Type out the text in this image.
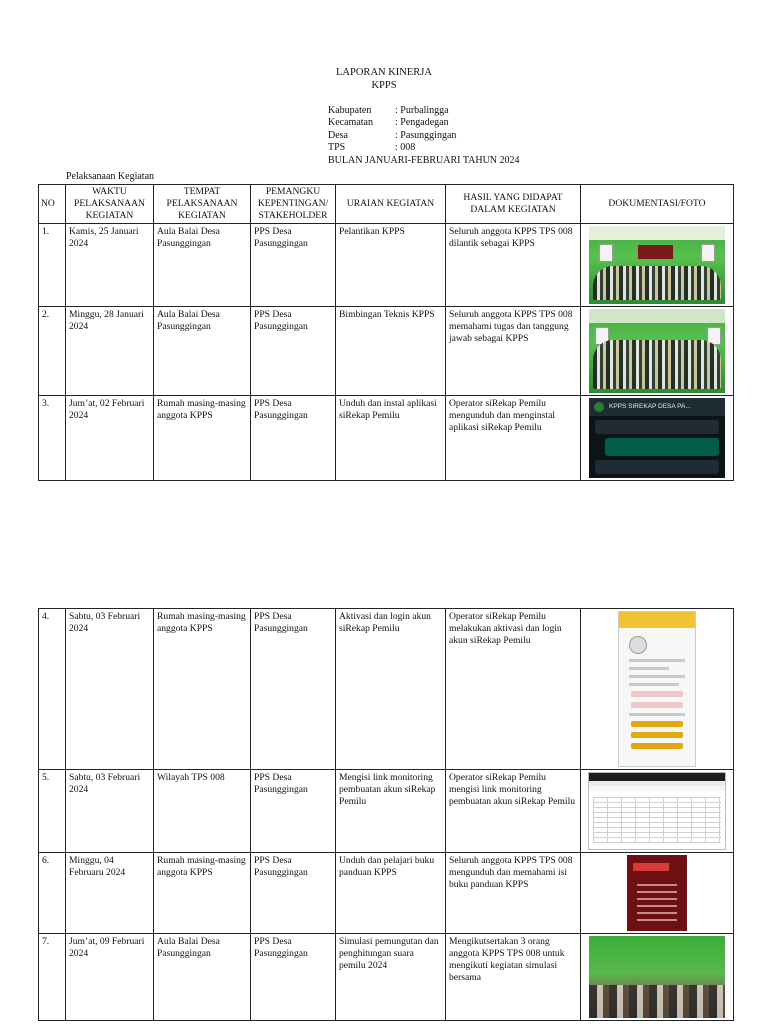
LAPORAN KINERJA
KPPS
Kabupaten	: Purbalingga
Kecamatan	: Pengadegan
Desa	: Pasunggingan
TPS	: 008
BULAN JANUARI-FEBRUARI TAHUN 2024
Pelaksanaan Kegiatan
NO	WAKTU PELAKSANAAN KEGIATAN	TEMPAT PELAKSANAAN KEGIATAN	PEMANGKU KEPENTINGAN/ STAKEHOLDER	URAIAN KEGIATAN	HASIL YANG DIDAPAT DALAM KEGIATAN	DOKUMENTASI/FOTO
1.	Kamis, 25 Januari 2024	Aula Balai Desa Pasunggingan	PPS Desa Pasunggingan	Pelantikan KPPS	Seluruh anggota KPPS TPS 008 dilantik sebagai KPPS	

2.	Minggu, 28 Januari 2024	Aula Balai Desa Pasunggingan	PPS Desa Pasunggingan	Bimbingan Teknis KPPS	Seluruh anggota KPPS TPS 008 memahami tugas dan tanggung jawab sebagai KPPS	

3.	Jum’at, 02 Februari 2024	Rumah masing-masing anggota KPPS	PPS Desa Pasunggingan	Unduh dan instal aplikasi siRekap Pemilu	Operator siRekap Pemilu mengunduh dan menginstal aplikasi siRekap Pemilu	KPPS SIREKAP DESA PA...
4.	Sabtu, 03 Februari 2024	Rumah masing-masing anggota KPPS	PPS Desa Pasunggingan	Aktivasi dan login akun siRekap Pemilu	Operator siRekap Pemilu melakukan aktivasi dan login akun siRekap Pemilu	

5.	Sabtu, 03 Februari 2024	Wilayah TPS 008	PPS Desa Pasunggingan	Mengisi link monitoring pembuatan akun siRekap Pemilu	Operator siRekap Pemilu mengisi link monitoring pembuatan akun siRekap Pemilu	

6.	Minggu, 04 Februaru 2024	Rumah masing-masing anggota KPPS	PPS Desa Pasunggingan	Unduh dan pelajari buku panduan KPPS	Seluruh anggota KPPS TPS 008 mengunduh dan memahami isi buku panduan KPPS	

7.	Jum’at, 09 Februari 2024	Aula Balai Desa Pasunggingan	PPS Desa Pasunggingan	Simulasi pemungutan dan penghitungan suara pemilu 2024	Mengikutsertakan 3 orang anggota KPPS TPS 008 untuk mengikuti kegiatan simulasi bersama	
